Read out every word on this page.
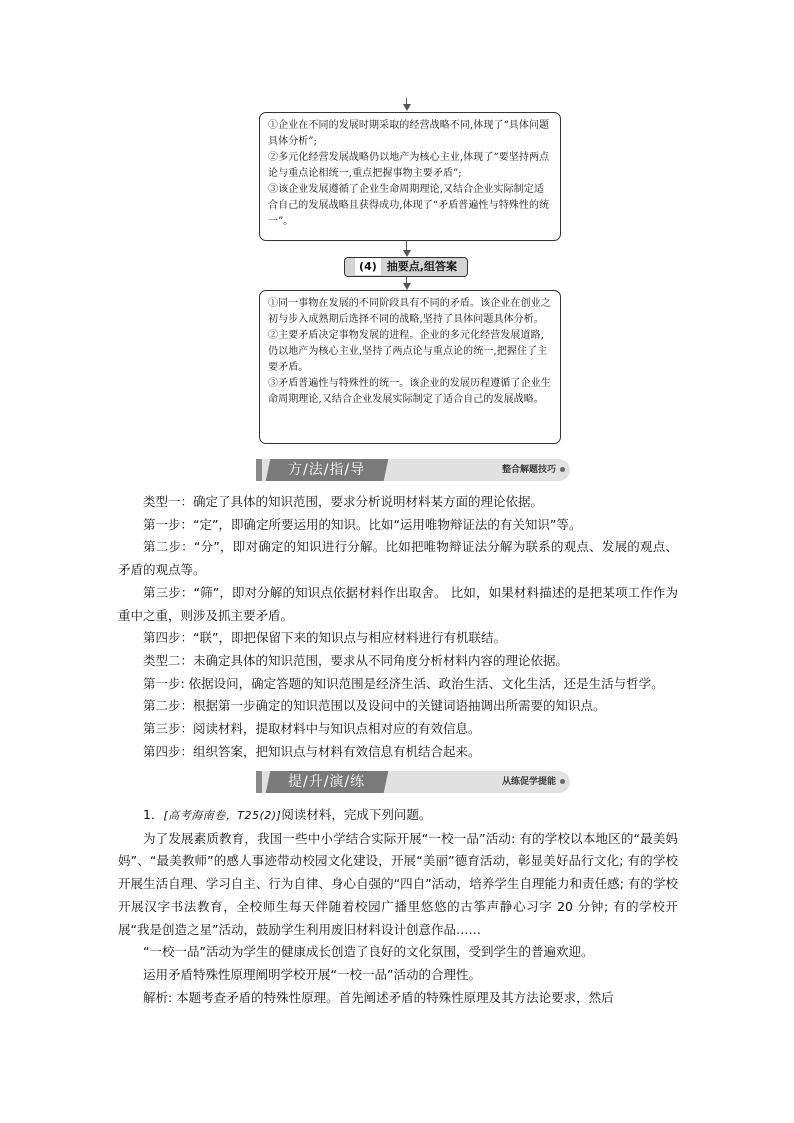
①企业在不同的发展时期采取的经营战略不同,体现了“具体问题具体分析”;

②多元化经营发展战略仍以地产为核心主业,体现了“要坚持两点论与重点论相统一,重点把握事物主要矛盾”;

③该企业发展遵循了企业生命周期理论,又结合企业实际制定适合自己的发展战略且获得成功,体现了“矛盾普遍性与特殊性的统一”。

(4) 抽要点,组答案

①同一事物在发展的不同阶段具有不同的矛盾。该企业在创业之初与步入成熟期后选择不同的战略,坚持了具体问题具体分析。

②主要矛盾决定事物发展的进程。企业的多元化经营发展道路,仍以地产为核心主业,坚持了两点论与重点论的统一,把握住了主要矛盾。

③矛盾普遍性与特殊性的统一。该企业的发展历程遵循了企业生命周期理论,又结合企业发展实际制定了适合自己的发展战略。

方/法/指/导	整合解题技巧

类型一：确定了具体的知识范围，要求分析说明材料某方面的理论依据。

第一步：“定”，即确定所要运用的知识。比如“运用唯物辩证法的有关知识”等。

第二步：“分”，即对确定的知识进行分解。比如把唯物辩证法分解为联系的观点、发展的观点、矛盾的观点等。

第三步：“筛”，即对分解的知识点依据材料作出取舍。 比如，如果材料描述的是把某项工作作为重中之重，则涉及抓主要矛盾。

第四步：“联”，即把保留下来的知识点与相应材料进行有机联结。

类型二：未确定具体的知识范围，要求从不同角度分析材料内容的理论依据。

第一步: 依据设问，确定答题的知识范围是经济生活、政治生活、文化生活，还是生活与哲学。

第二步：根据第一步确定的知识范围以及设问中的关键词语抽调出所需要的知识点。

第三步：阅读材料，提取材料中与知识点相对应的有效信息。

第四步：组织答案，把知识点与材料有效信息有机结合起来。

提/升/演/练	从练促学提能

1．[高考海南卷，T25(2)]阅读材料，完成下列问题。

为了发展素质教育，我国一些中小学结合实际开展“一校一品”活动: 有的学校以本地区的“最美妈妈”、“最美教师”的感人事迹带动校园文化建设，开展“美丽”德育活动，彰显美好品行文化; 有的学校开展生活自理、学习自主、行为自律、身心自强的“四自”活动，培养学生自理能力和责任感; 有的学校开展汉字书法教育，全校师生每天伴随着校园广播里悠悠的古筝声静心习字 20 分钟; 有的学校开展“我是创造之星”活动，鼓励学生利用废旧材料设计创意作品……

“一校一品”活动为学生的健康成长创造了良好的文化氛围，受到学生的普遍欢迎。

运用矛盾特殊性原理阐明学校开展“一校一品”活动的合理性。

解析: 本题考查矛盾的特殊性原理。首先阐述矛盾的特殊性原理及其方法论要求，然后
